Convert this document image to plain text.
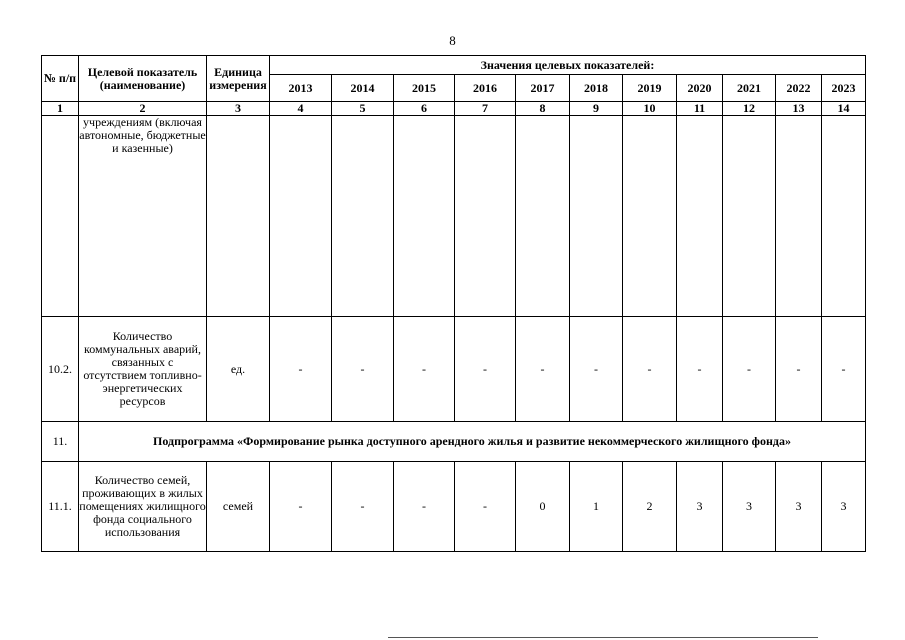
8
№ п/п	Целевой показатель (наименование)	Единица измерения	Значения целевых показателей:										
			2013	2014	2015	2016	2017	2018	2019	2020	2021	2022	2023
1	2	3	4	5	6	7	8	9	10	11	12	13	14
	учреждениям (включая автономные, бюджетные и казенные)												
10.2.	Количество коммунальных аварий, связанных с отсутствием топливно-энергетических ресурсов	ед.	-	-	-	-	-	-	-	-	-	-	-
11.	Подпрограмма «Формирование рынка доступного арендного жилья и развитие некоммерческого жилищного фонда»												
11.1.	Количество семей, проживающих в жилых помещениях жилищного фонда социального использования	семей	-	-	-	-	0	1	2	3	3	3	3
